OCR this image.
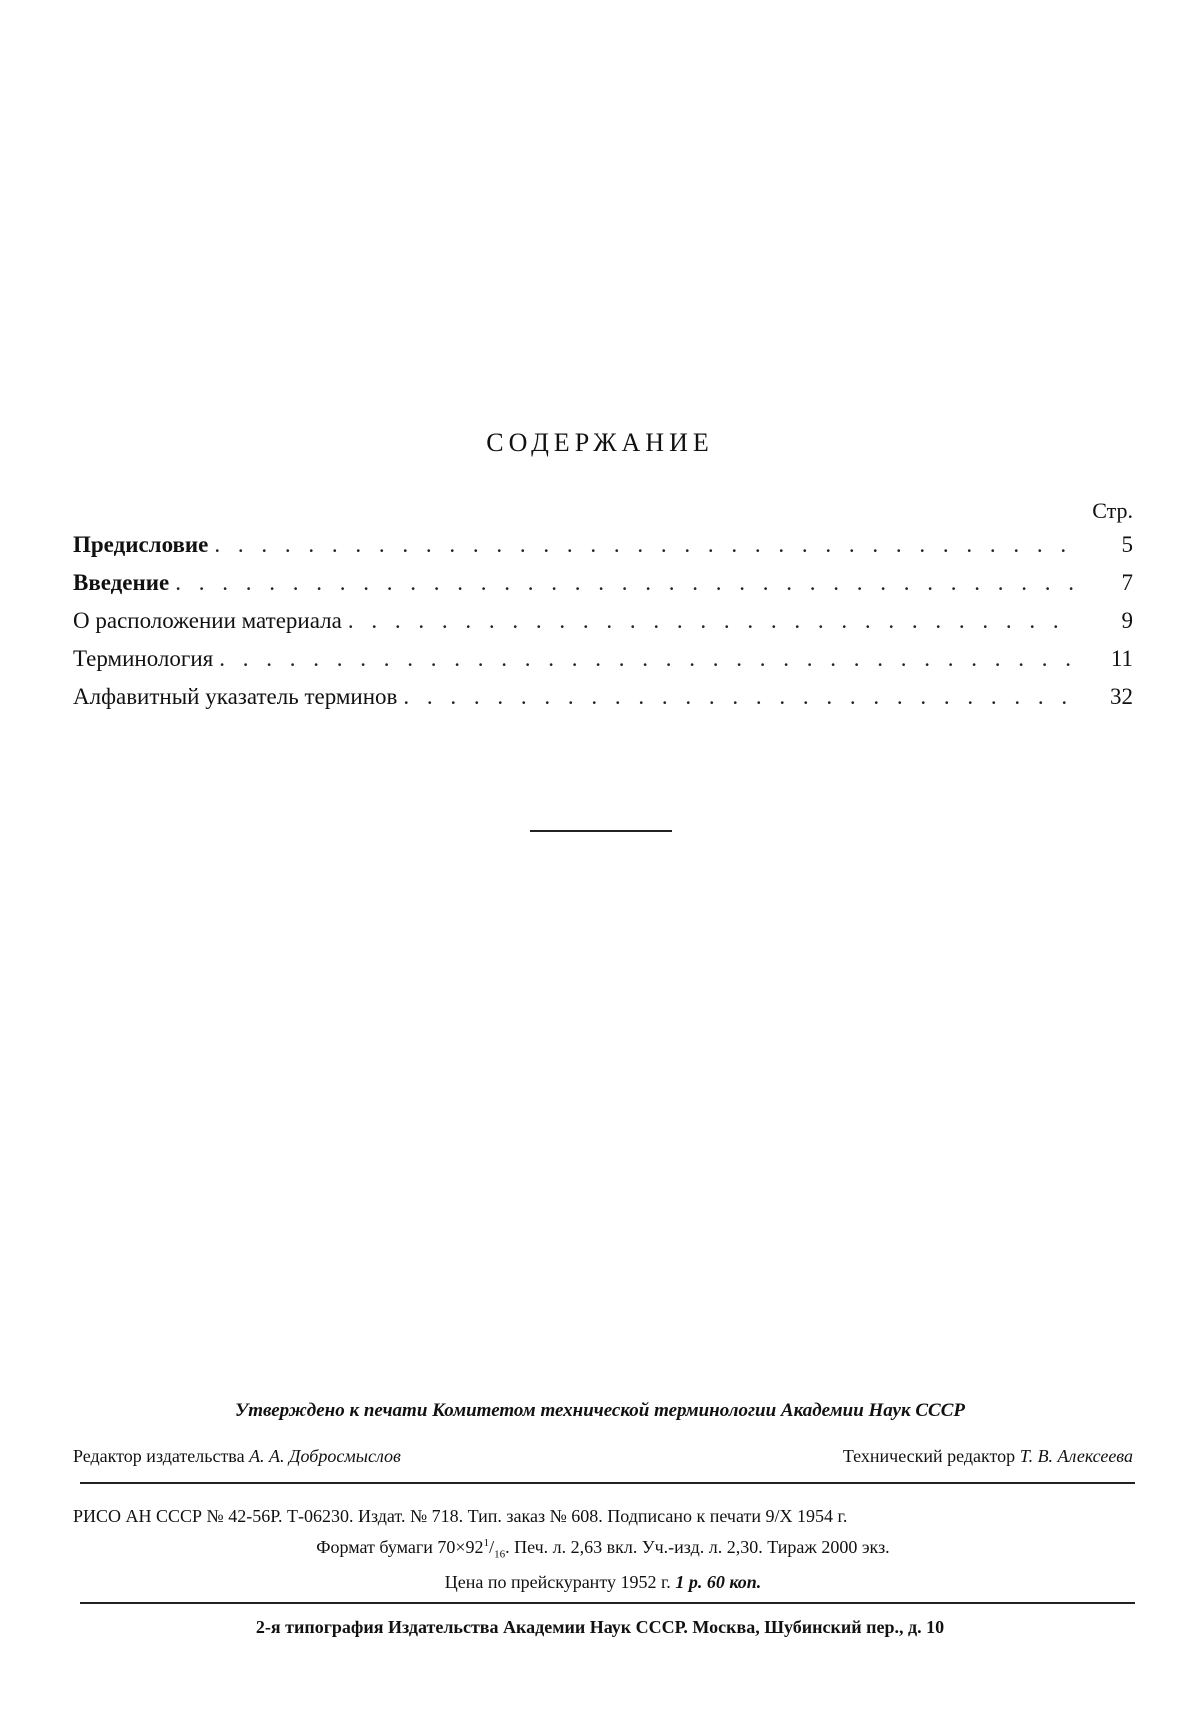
СОДЕРЖАНИЕ
Стр.
Предисловие . . .	5
Введение . . .	7
О расположении материала . . .	9
Терминология . . .	11
Алфавитный указатель терминов . . .	32
Утверждено к печати Комитетом технической терминологии Академии Наук СССР
Редактор издательства А. А. Добросмыслов	Технический редактор Т. В. Алексеева
РИСО АН СССР № 42-56Р. Т-06230. Издат. № 718. Тип. заказ № 608. Подписано к печати 9/X 1954 г.
Формат бумаги $70\times 92^1/_{16}$. Печ. л. 2,63 вкл. Уч.-изд. л. 2,30. Тираж 2000 экз.
Цена по прейскуранту 1952 г. 1 р. 60 коп.
2-я типография Издательства Академии Наук СССР. Москва, Шубинский пер., д. 10
